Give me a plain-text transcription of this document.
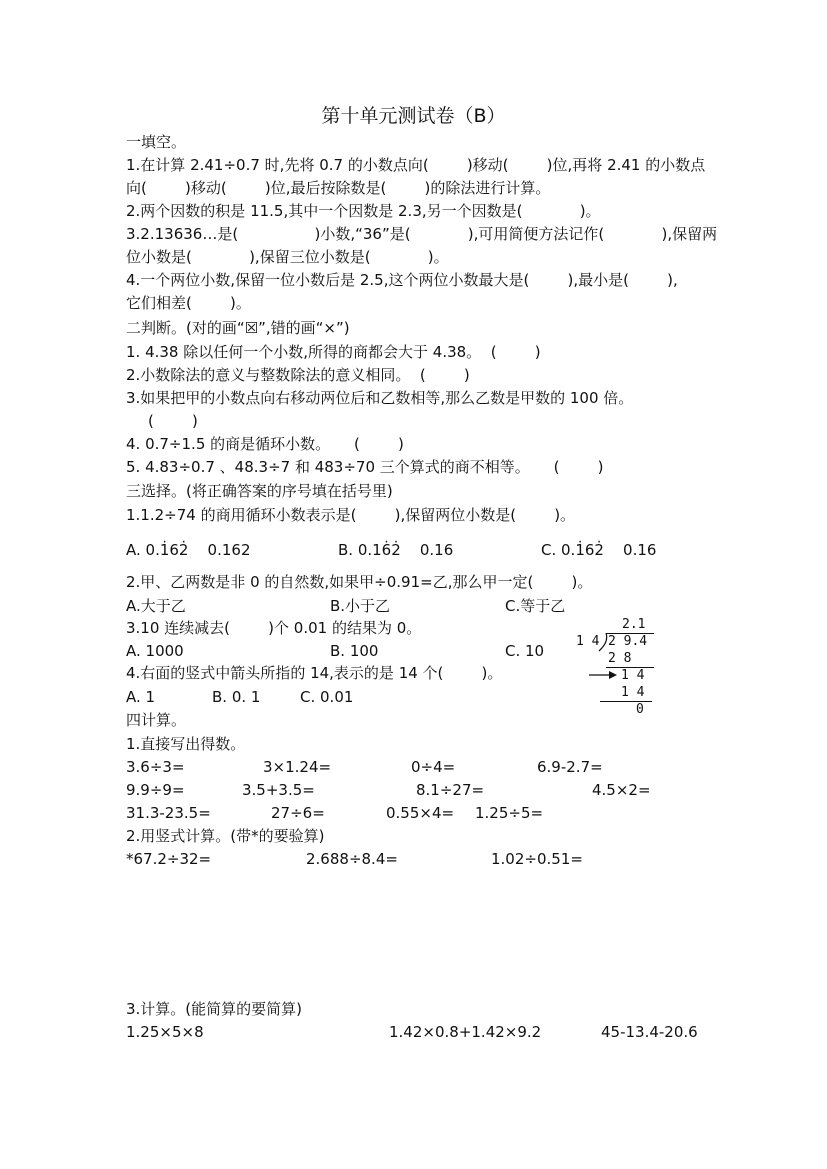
第十单元测试卷（B）
一填空。
1.在计算 2.41÷0.7 时,先将 0.7 的小数点向(        )移动(        )位,再将 2.41 的小数点
向(        )移动(        )位,最后按除数是(        )的除法进行计算。
2.两个因数的积是 11.5,其中一个因数是 2.3,另一个因数是(            )。
3.2.13636…是(                )小数,“36”是(            ),可用简便方法记作(            ),保留两
位小数是(            ),保留三位小数是(            )。
4.一个两位小数,保留一位小数后是 2.5,这个两位小数最大是(        ),最小是(        ),
它们相差(        )。
二判断。(对的画“☒”,错的画“×”)
1. 4.38 除以任何一个小数,所得的商都会大于 4.38。  (        )
2.小数除法的意义与整数除法的意义相同。  (        )
3.如果把甲的小数点向右移动两位后和乙数相等,那么乙数是甲数的 100 倍。
(        )
4. 0.7÷1.5 的商是循环小数。     (        )
5. 4.83÷0.7 、48.3÷7 和 483÷70 三个算式的商不相等。     (        )
三选择。(将正确答案的序号填在括号里)
1.1.2÷74 的商用循环小数表示是(        ),保留两位小数是(        )。
A. 0.1̇62̇    0.162	B. 0.16̇2̇    0.16	C. 0.1̇62̇    0.16
2.甲、乙两数是非 0 的自然数,如果甲÷0.91=乙,那么甲一定(        )。
A.大于乙	B.小于乙	C.等于乙
3.10 连续减去(        )个 0.01 的结果为 0。
A. 1000	B. 100	C. 10
4.右面的竖式中箭头所指的 14,表示的是 14 个(        )。
A. 1	B. 0. 1	C. 0.01
2.1
1 4 2 9.4
2 8
1 4
1 4
0
四计算。
1.直接写出得数。
3.6÷3=	3×1.24=	0÷4=	6.9-2.7=
9.9÷9=	3.5+3.5=	8.1÷27=	4.5×2=
31.3-23.5=	27÷6=	0.55×4= 1.25÷5=
2.用竖式计算。(带*的要验算)
*67.2÷32=	2.688÷8.4=	1.02÷0.51=
3.计算。(能简算的要简算)
1.25×5×8	1.42×0.8+1.42×9.2	45-13.4-20.6
